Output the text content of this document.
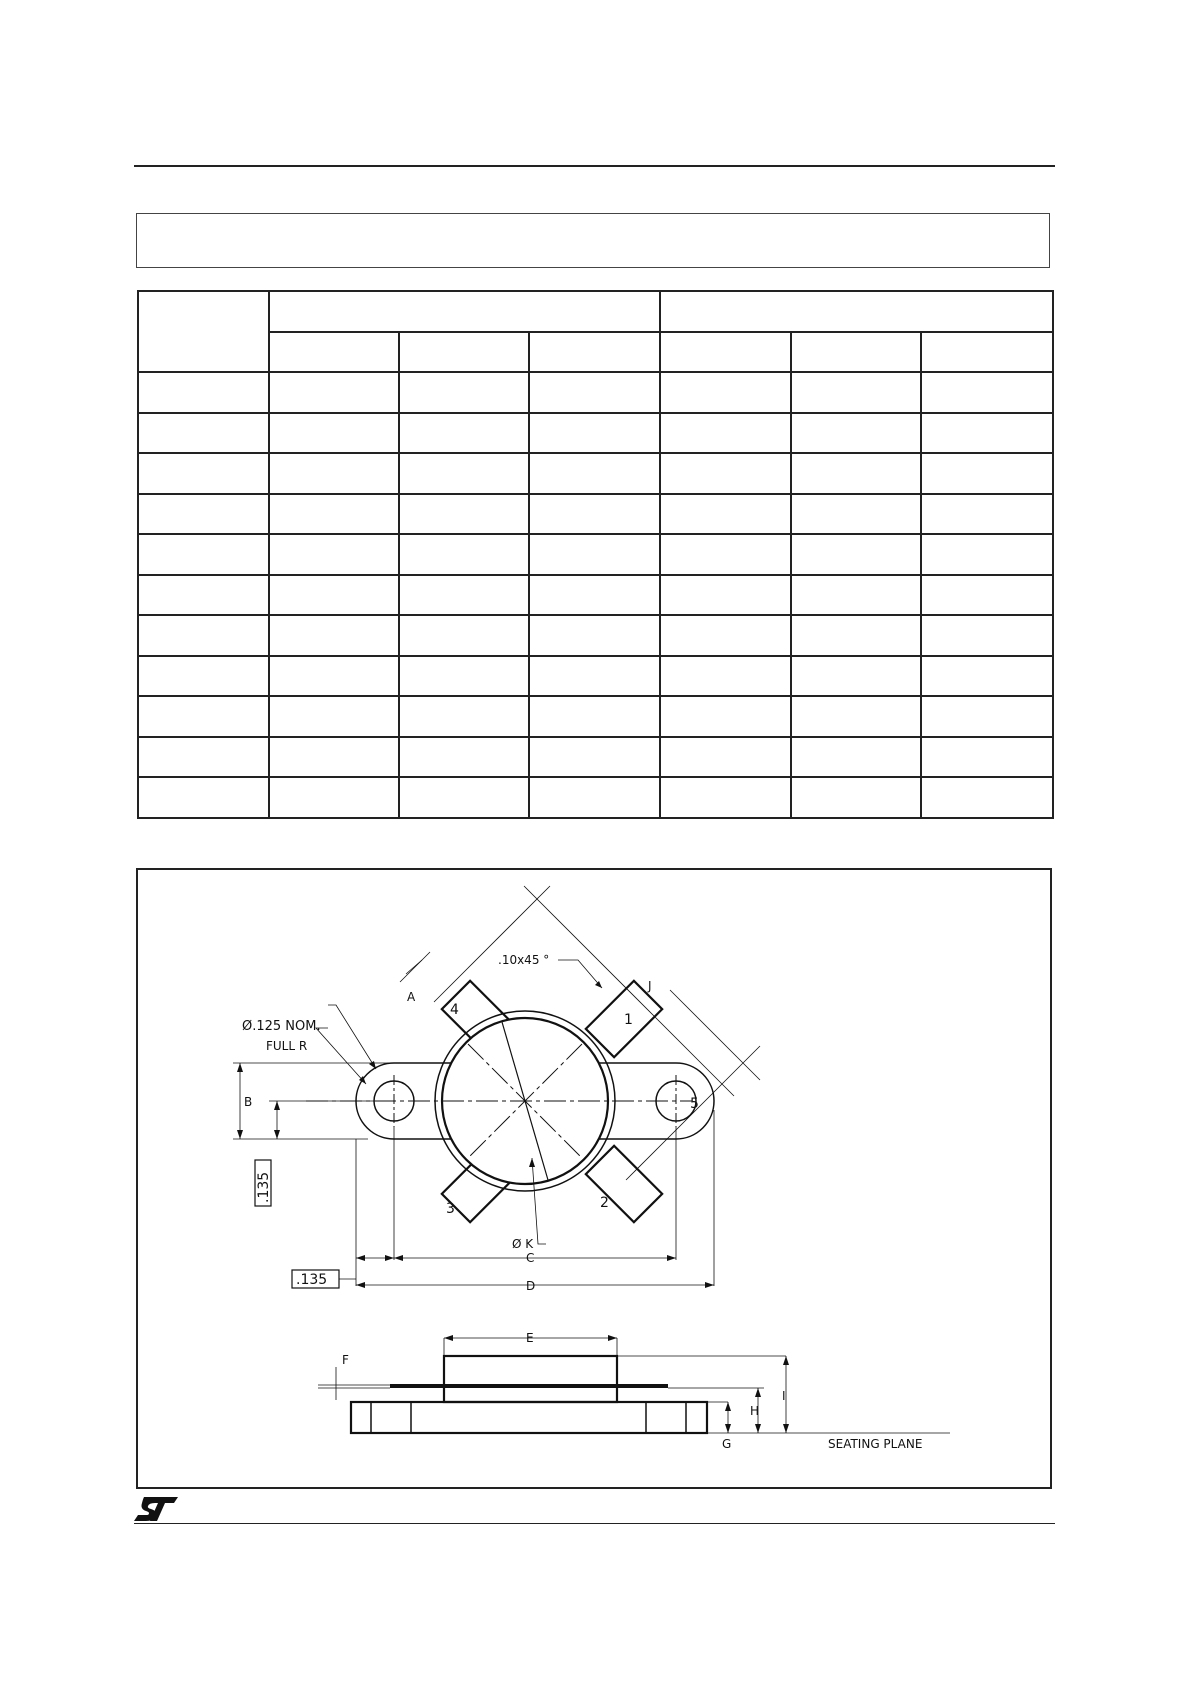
Ø.125 NOM.
FULL R
.10x45 °
A
B
J
Ø K
C
D
E
F
G
H
I
1
2
3
4
5
SEATING PLANE
.135
.135
